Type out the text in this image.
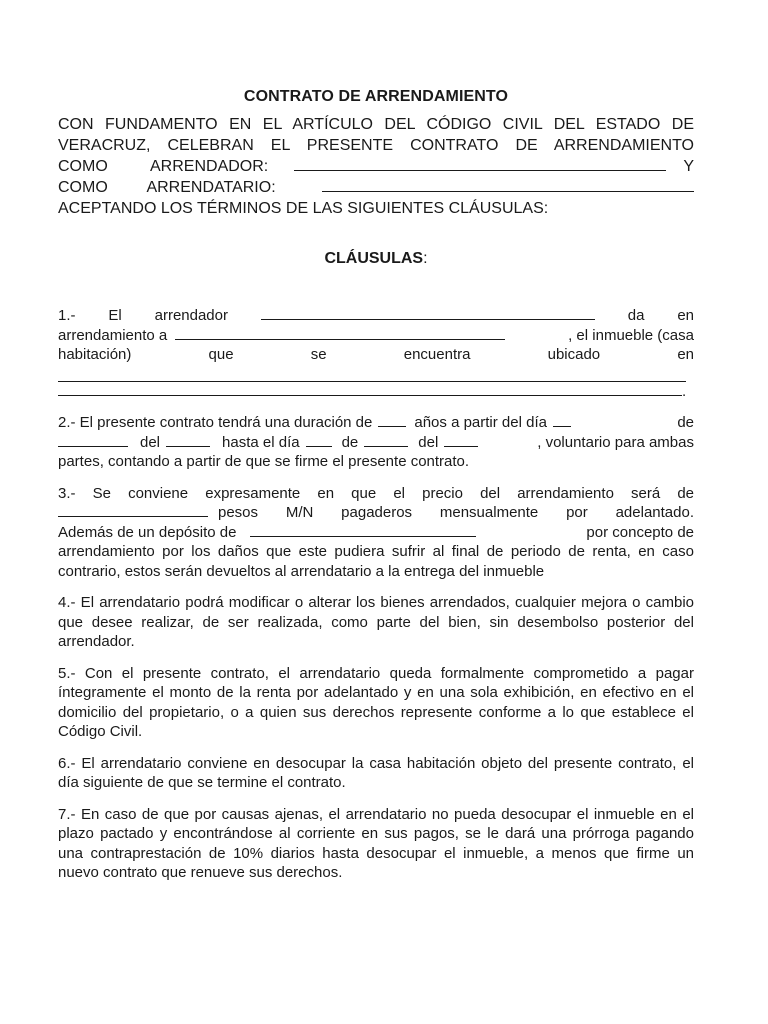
CONTRATO DE ARRENDAMIENTO
CON FUNDAMENTO EN EL ARTÍCULO DEL CÓDIGO CIVIL DEL ESTADO DE
VERACRUZ, CELEBRAN EL PRESENTE CONTRATO DE ARRENDAMIENTO
COMO	ARRENDADOR:	Y
COMO	ARRENDATARIO:
ACEPTANDO LOS TÉRMINOS DE LAS SIGUIENTES CLÁUSULAS:
CLÁUSULAS:
1.- El arrendador	da en
arrendamiento a	, el inmueble (casa
habitación)	que	se	encuentra	ubicado	en
.
2.- El presente contrato tendrá una duración de	años a partir del día	de
del	hasta el día	de	del	, voluntario para ambas
partes, contando a partir de que se firme el presente contrato.
3.- Se conviene expresamente en que el precio del arrendamiento será de
pesos M/N pagaderos mensualmente por adelantado.
Además de un depósito de	por concepto de
arrendamiento por los daños que este pudiera sufrir al final de periodo de renta, en caso contrario, estos serán devueltos al arrendatario a la entrega del inmueble
4.- El arrendatario podrá modificar o alterar los bienes arrendados, cualquier mejora o cambio que desee realizar, de ser realizada, como parte del bien, sin desembolso posterior del arrendador.
5.- Con el presente contrato, el arrendatario queda formalmente comprometido a pagar íntegramente el monto de la renta por adelantado y en una sola exhibición, en efectivo en el domicilio del propietario, o a quien sus derechos represente conforme a lo que establece el Código Civil.
6.- El arrendatario conviene en desocupar la casa habitación objeto del presente contrato, el día siguiente de que se termine el contrato.
7.- En caso de que por causas ajenas, el arrendatario no pueda desocupar el inmueble en el plazo pactado y encontrándose al corriente en sus pagos, se le dará una prórroga pagando una contraprestación de 10% diarios hasta desocupar el inmueble, a menos que firme un nuevo contrato que renueve sus derechos.
